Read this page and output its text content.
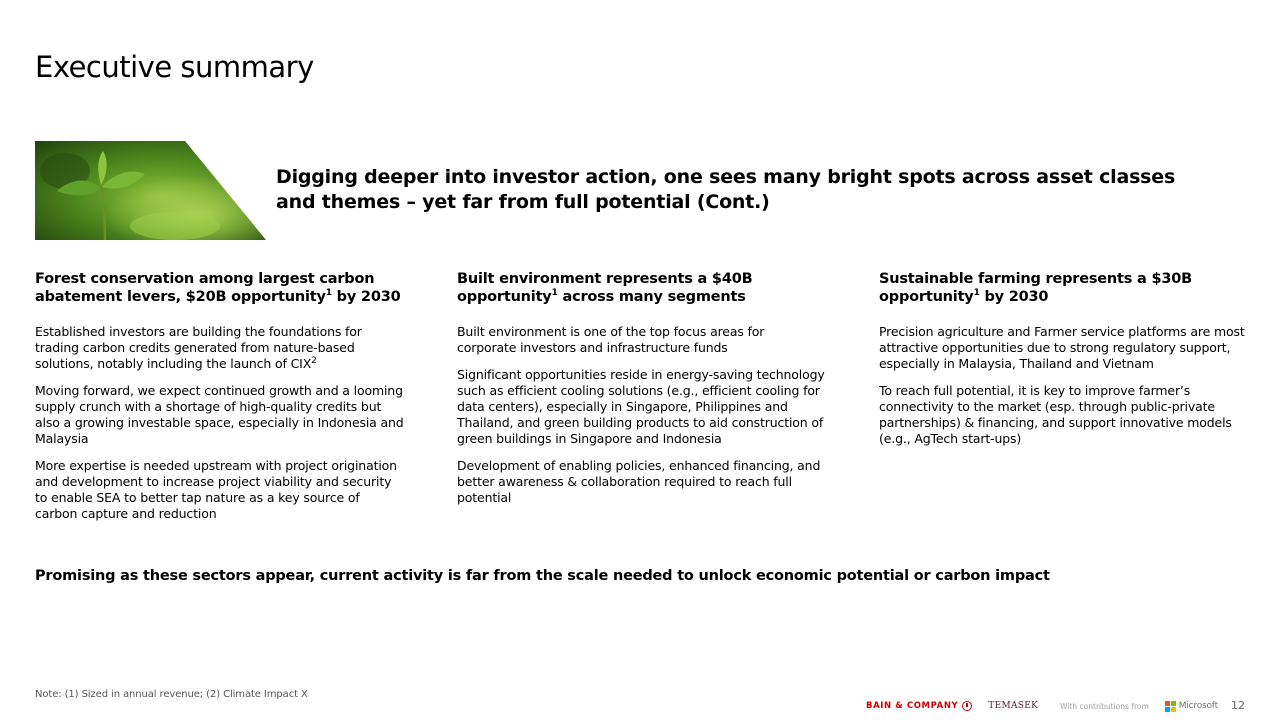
Executive summary
Digging deeper into investor action, one sees many bright spots across asset classes
and themes – yet far from full potential (Cont.)
Forest conservation among largest carbon abatement levers, $20B opportunity$^1$ by 2030

Established investors are building the foundations for trading carbon credits generated from nature-based solutions, notably including the launch of CIX$^2$

Moving forward, we expect continued growth and a looming supply crunch with a shortage of high-quality credits but also a growing investable space, especially in Indonesia and Malaysia

More expertise is needed upstream with project origination and development to increase project viability and security to enable SEA to better tap nature as a key source of carbon capture and reduction

Built environment represents a $40B opportunity$^1$ across many segments

Built environment is one of the top focus areas for corporate investors and infrastructure funds

Significant opportunities reside in energy-saving technology such as efficient cooling solutions (e.g., efficient cooling for data centers), especially in Singapore, Philippines and Thailand, and green building products to aid construction of green buildings in Singapore and Indonesia

Development of enabling policies, enhanced financing, and better awareness & collaboration required to reach full potential

Sustainable farming represents a $30B opportunity$^1$ by 2030

Precision agriculture and Farmer service platforms are most attractive opportunities due to strong regulatory support, especially in Malaysia, Thailand and Vietnam

To reach full potential, it is key to improve farmer’s connectivity to the market (esp. through public-private partnerships) & financing, and support innovative models (e.g., AgTech start-ups)

Promising as these sectors appear, current activity is far from the scale needed to unlock economic potential or carbon impact
Note: (1) Sized in annual revenue; (2) Climate Impact X
BAIN & COMPANY	TEMASEK	With contributions from	Microsoft 12
